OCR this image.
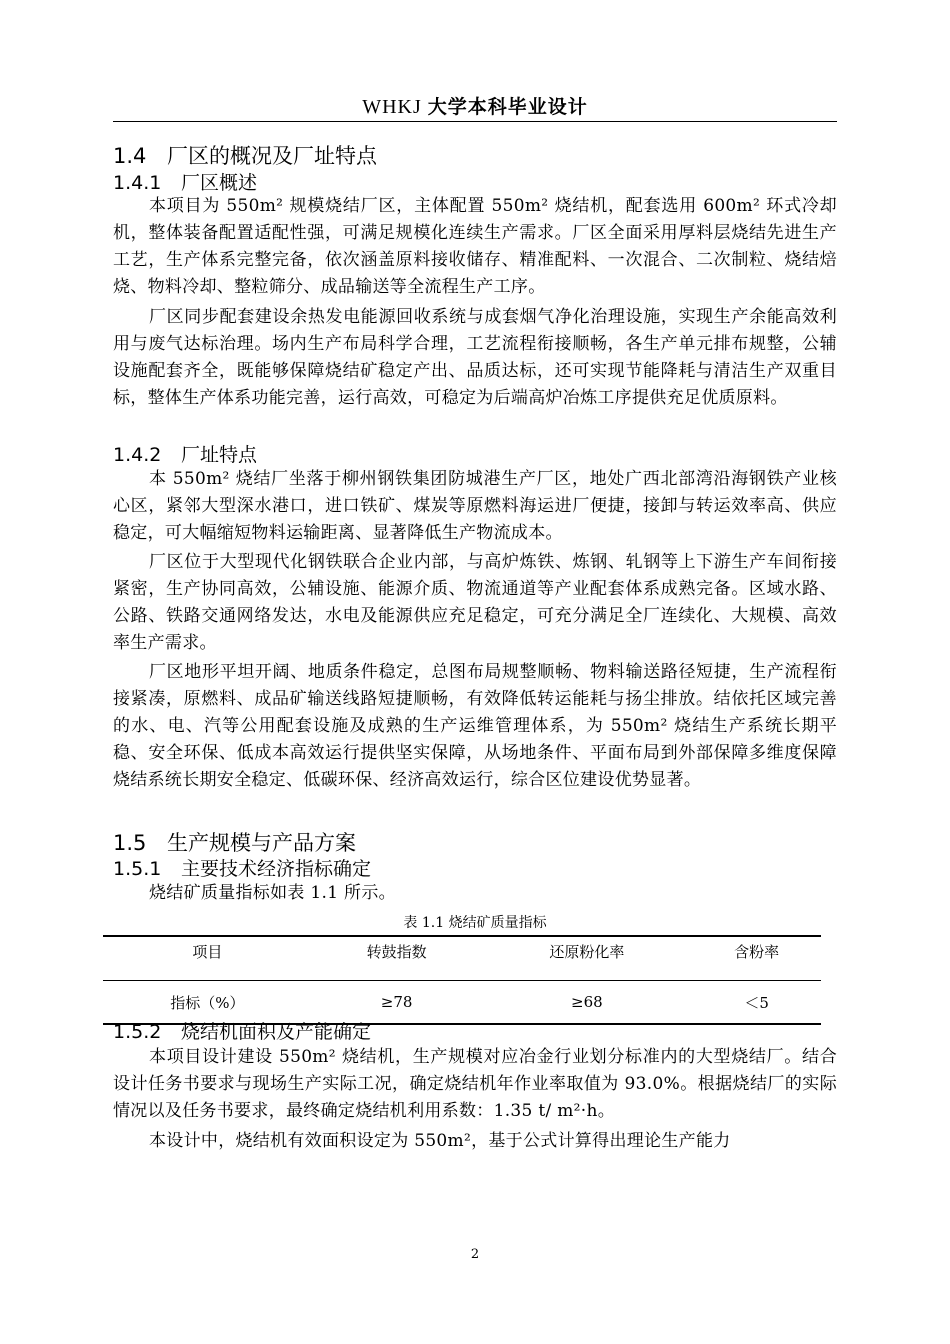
WHKJ 大学本科毕业设计
1.4 厂区的概况及厂址特点
1.4.1 厂区概述
本项目为 550m² 规模烧结厂区，主体配置 550m² 烧结机，配套选用 600m² 环式冷却机，整体装备配置适配性强，可满足规模化连续生产需求。厂区全面采用厚料层烧结先进生产工艺，生产体系完整完备，依次涵盖原料接收储存、精准配料、一次混合、二次制粒、烧结焙烧、物料冷却、整粒筛分、成品输送等全流程生产工序。
厂区同步配套建设余热发电能源回收系统与成套烟气净化治理设施，实现生产余能高效利用与废气达标治理。场内生产布局科学合理，工艺流程衔接顺畅，各生产单元排布规整，公辅设施配套齐全，既能够保障烧结矿稳定产出、品质达标，还可实现节能降耗与清洁生产双重目标，整体生产体系功能完善，运行高效，可稳定为后端高炉冶炼工序提供充足优质原料。
1.4.2 厂址特点
本 550m² 烧结厂坐落于柳州钢铁集团防城港生产厂区，地处广西北部湾沿海钢铁产业核心区，紧邻大型深水港口，进口铁矿、煤炭等原燃料海运进厂便捷，接卸与转运效率高、供应稳定，可大幅缩短物料运输距离、显著降低生产物流成本。
厂区位于大型现代化钢铁联合企业内部，与高炉炼铁、炼钢、轧钢等上下游生产车间衔接紧密，生产协同高效，公辅设施、能源介质、物流通道等产业配套体系成熟完备。区域水路、公路、铁路交通网络发达，水电及能源供应充足稳定，可充分满足全厂连续化、大规模、高效率生产需求。
厂区地形平坦开阔、地质条件稳定，总图布局规整顺畅、物料输送路径短捷，生产流程衔接紧凑，原燃料、成品矿输送线路短捷顺畅，有效降低转运能耗与扬尘排放。结依托区域完善的水、电、汽等公用配套设施及成熟的生产运维管理体系，为 550m² 烧结生产系统长期平稳、安全环保、低成本高效运行提供坚实保障，从场地条件、平面布局到外部保障多维度保障烧结系统长期安全稳定、低碳环保、经济高效运行，综合区位建设优势显著。
1.5 生产规模与产品方案
1.5.1 主要技术经济指标确定
烧结矿质量指标如表 1.1 所示。
表 1.1 烧结矿质量指标
项目	转鼓指数	还原粉化率	含粉率
指标（%）	≥78	≥68	＜5
1.5.2 烧结机面积及产能确定
本项目设计建设 550m² 烧结机，生产规模对应冶金行业划分标准内的大型烧结厂。结合设计任务书要求与现场生产实际工况，确定烧结机年作业率取值为 93.0%。根据烧结厂的实际情况以及任务书要求，最终确定烧结机利用系数：1.35 t/ m²·h。
本设计中，烧结机有效面积设定为 550m²，基于公式计算得出理论生产能力
2
